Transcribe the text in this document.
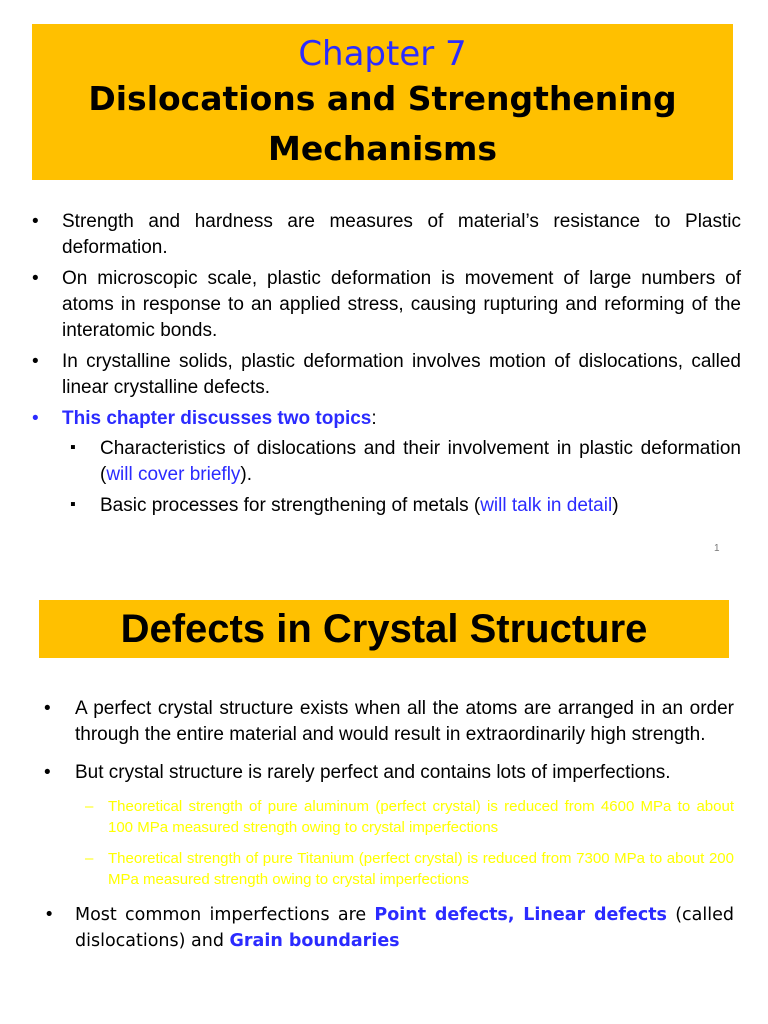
Chapter 7
Dislocations and Strengthening Mechanisms
• Strength and hardness are measures of material’s resistance to Plastic deformation.
• On microscopic scale, plastic deformation is movement of large numbers of atoms in response to an applied stress, causing rupturing and reforming of the interatomic bonds.
• In crystalline solids, plastic deformation involves motion of dislocations, called linear crystalline defects.
• This chapter discusses two topics:
▪ Characteristics of dislocations and their involvement in plastic deformation (will cover briefly).
▪ Basic processes for strengthening of metals (will talk in detail)
1
Defects in Crystal Structure
• A perfect crystal structure exists when all the atoms are arranged in an order through the entire material and would result in extraordinarily high strength.
• But crystal structure is rarely perfect and contains lots of imperfections.
– Theoretical strength of pure aluminum (perfect crystal) is reduced from 4600 MPa to about 100 MPa measured strength owing to crystal imperfections
– Theoretical strength of pure Titanium (perfect crystal) is reduced from 7300 MPa to about 200 MPa measured strength owing to crystal imperfections
• Most common imperfections are Point defects, Linear defects (called dislocations) and Grain boundaries
